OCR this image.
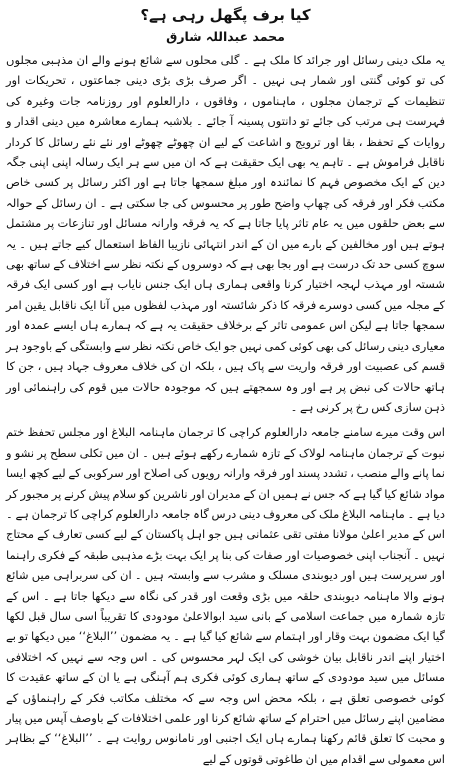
کیا برف پگھل رہی ہے؟
محمد عبداللہ شارق

یہ ملک دینی رسائل اور جرائد کا ملک ہے ۔ گلی محلوں سے شائع ہونے والے ان مذہبی مجلوں کی تو کوئی گنتی اور شمار ہی نہیں ۔ اگر صرف بڑی بڑی دینی جماعتوں ، تحریکات اور تنظیمات کے ترجمان مجلوں ، ماہناموں ، وفاقوں ، دارالعلوم اور روزنامہ جات وغیرہ کی فہرست ہی مرتب کی جائے تو دانتوں پسینہ آ جائے ۔ بلاشبہ ہمارے معاشرہ میں دینی اقدار و روایات کے تحفظ ، بقا اور ترویج و اشاعت کے لیے ان چھوٹے چھوٹے اور نئے نئے رسائل کا کردار ناقابل فراموش ہے ۔ تاہم یہ بھی ایک حقیقت ہے کہ ان میں سے ہر ایک رسالہ اپنی اپنی جگہ دین کے ایک مخصوص فہم کا نمائندہ اور مبلغ سمجھا جاتا ہے اور اکثر رسائل پر کسی خاص مکتب فکر اور فرقہ کی چھاپ واضح طور پر محسوس کی جا سکتی ہے ۔ ان رسائل کے حوالہ سے بعض حلقوں میں یہ عام تاثر پایا جاتا ہے کہ یہ فرقہ وارانہ مسائل اور تنازعات پر مشتمل ہوتے ہیں اور مخالفین کے بارے میں ان کے اندر انتہائی نازیبا الفاظ استعمال کیے جاتے ہیں ۔ یہ سوچ کسی حد تک درست ہے اور بجا بھی ہے کہ دوسروں کے نکتہ نظر سے اختلاف کے ساتھ بھی شستہ اور مہذب لہجہ اختیار کرنا واقعی ہماری ہاں ایک جنس نایاب ہے اور کسی ایک فرقہ کے مجلہ میں کسی دوسرے فرقہ کا ذکر شائستہ اور مہذب لفظوں میں آنا ایک ناقابل یقین امر سمجھا جاتا ہے لیکن اس عمومی تاثر کے برخلاف حقیقت یہ ہے کہ ہمارے ہاں ایسے عمدہ اور معیاری دینی رسائل کی بھی کوئی کمی نہیں جو ایک خاص نکتہ نظر سے وابستگی کے باوجود ہر قسم کی عصبیت اور فرقہ واریت سے پاک ہیں ، بلکہ ان کی خلاف معروف جہاد ہیں ، جن کا ہاتھ حالات کی نبض پر ہے اور وہ سمجھتے ہیں کہ موجودہ حالات میں قوم کی راہنمائی اور ذہن سازی کس رخ پر کرنی ہے ۔

اس وقت میرے سامنے جامعہ دارالعلوم کراچی کا ترجمان ماہنامہ البلاغ اور مجلس تحفظ ختم نبوت کے ترجمان ماہنامہ لولاک کے تازہ شمارے رکھے ہوئے ہیں ۔ ان میں تکلی سطح پر نشو و نما پانے والے منصب ، تشدد پسند اور فرقہ وارانہ رویوں کی اصلاح اور سرکوبی کے لیے کچھ ایسا مواد شائع کیا گیا ہے کہ جس نے ہمیں ان کے مدیران اور ناشرین کو سلام پیش کرنے پر مجبور کر دیا ہے ۔ ماہنامہ البلاغ ملک کی معروف دینی درس گاہ جامعہ دارالعلوم کراچی کا ترجمان ہے ۔ اس کے مدیر اعلیٰ مولانا مفتی تقی عثمانی ہیں جو اہل پاکستان کے لیے کسی تعارف کے محتاج نہیں ۔ آنجناب اپنی خصوصیات اور صفات کی بنا پر ایک بہت بڑے مذہبی طبقہ کے فکری راہنما اور سرپرست ہیں اور دیوبندی مسلک و مشرب سے وابستہ ہیں ۔ ان کی سربراہی میں شائع ہونے والا ماہنامہ دیوبندی حلقہ میں بڑی وقعت اور قدر کی نگاہ سے دیکھا جاتا ہے ۔ اس کے تازہ شمارہ میں جماعت اسلامی کے بانی سید ابوالاعلیٰ مودودی کا تقریباً اسی سال قبل لکھا گیا ایک مضمون بہت وقار اور اہتمام سے شائع کیا گیا ہے ۔ یہ مضمون ’’البلاغ‘‘ میں دیکھا تو بے اختیار اپنے اندر ناقابل بیان خوشی کی ایک لہر محسوس کی ۔ اس وجہ سے نہیں کہ اختلافی مسائل میں سید مودودی کے ساتھ ہماری کوئی فکری ہم آہنگی ہے یا ان کے ساتھ عقیدت کا کوئی خصوصی تعلق ہے ، بلکہ محض اس وجہ سے کہ مختلف مکاتب فکر کے راہنماؤں کے مضامین اپنے رسائل میں احترام کے ساتھ شائع کرنا اور علمی اختلافات کے باوصف آپس میں پیار و محبت کا تعلق قائم رکھنا ہمارے ہاں ایک اجنبی اور نامانوس روایت ہے ۔ ’’البلاغ‘‘ کے بظاہر اس معمولی سے اقدام میں ان طاغوتی قوتوں کے لیے
